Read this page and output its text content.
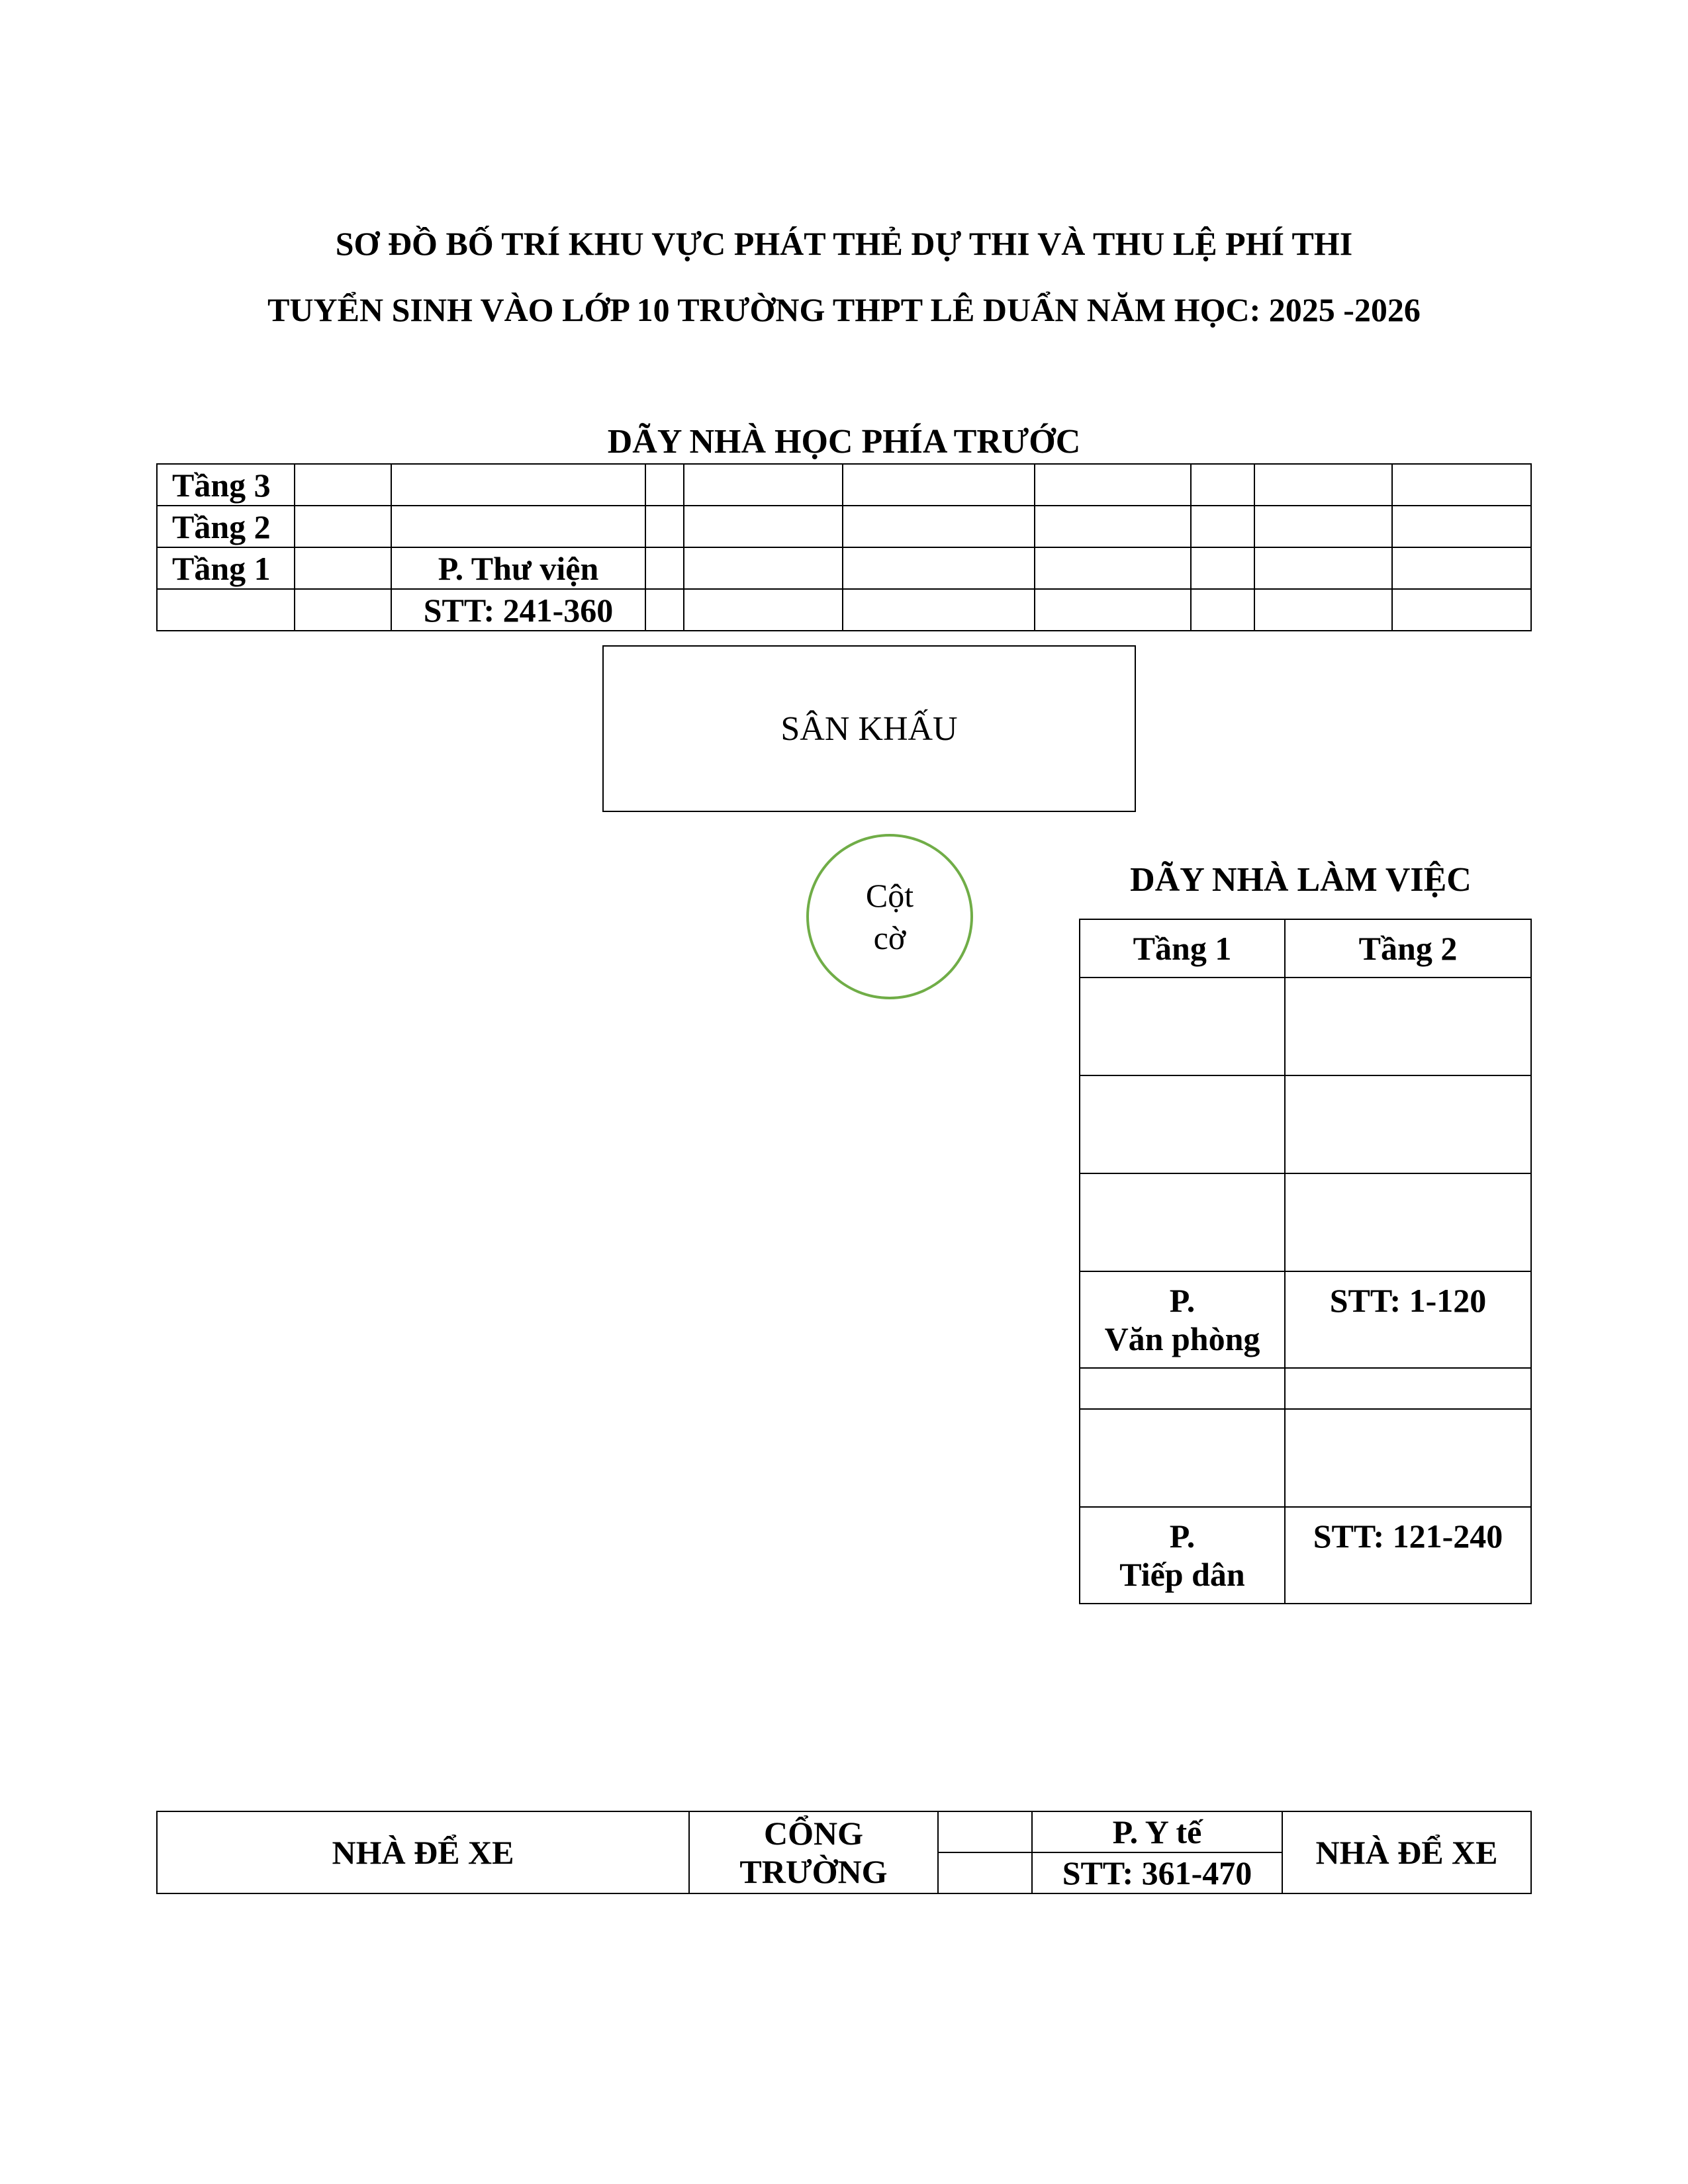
SƠ ĐỒ BỐ TRÍ KHU VỰC PHÁT THẺ DỰ THI VÀ THU LỆ PHÍ THI
TUYỂN SINH VÀO LỚP 10 TRƯỜNG THPT LÊ DUẨN NĂM HỌC: 2025 -2026
DÃY NHÀ HỌC PHÍA TRƯỚC
Tầng 3									
Tầng 2									
Tầng 1		P. Thư viện							
		STT: 241-360							
SÂN KHẤU
Cột
cờ
DÃY NHÀ LÀM VIỆC
Tầng 1	Tầng 2

P.
Văn phòng	STT: 1-120

P.
Tiếp dân	STT: 121-240
NHÀ ĐỂ XE	CỔNG
TRƯỜNG		P. Y tế	NHÀ ĐỂ XE
			STT: 361-470	
